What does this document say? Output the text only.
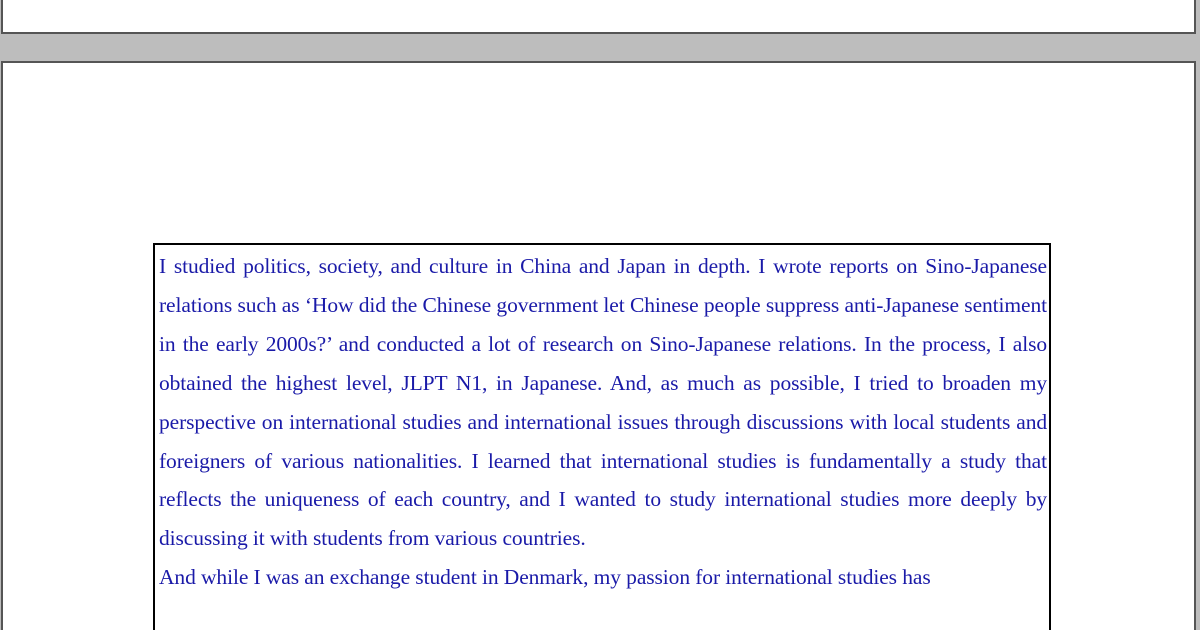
I studied politics, society, and culture in China and Japan in depth. I wrote reports on Sino-Japanese relations such as ‘How did the Chinese government let Chinese people suppress anti-Japanese sentiment in the early 2000s?’ and conducted a lot of research on Sino-Japanese relations. In the process, I also obtained the highest level, JLPT N1, in Japanese. And, as much as possible, I tried to broaden my perspective on international studies and international issues through discussions with local students and foreigners of various nationalities. I learned that international studies is fundamentally a study that reflects the uniqueness of each country, and I wanted to study international studies more deeply by discussing it with students from various countries.

And while I was an exchange student in Denmark, my passion for international studies has
